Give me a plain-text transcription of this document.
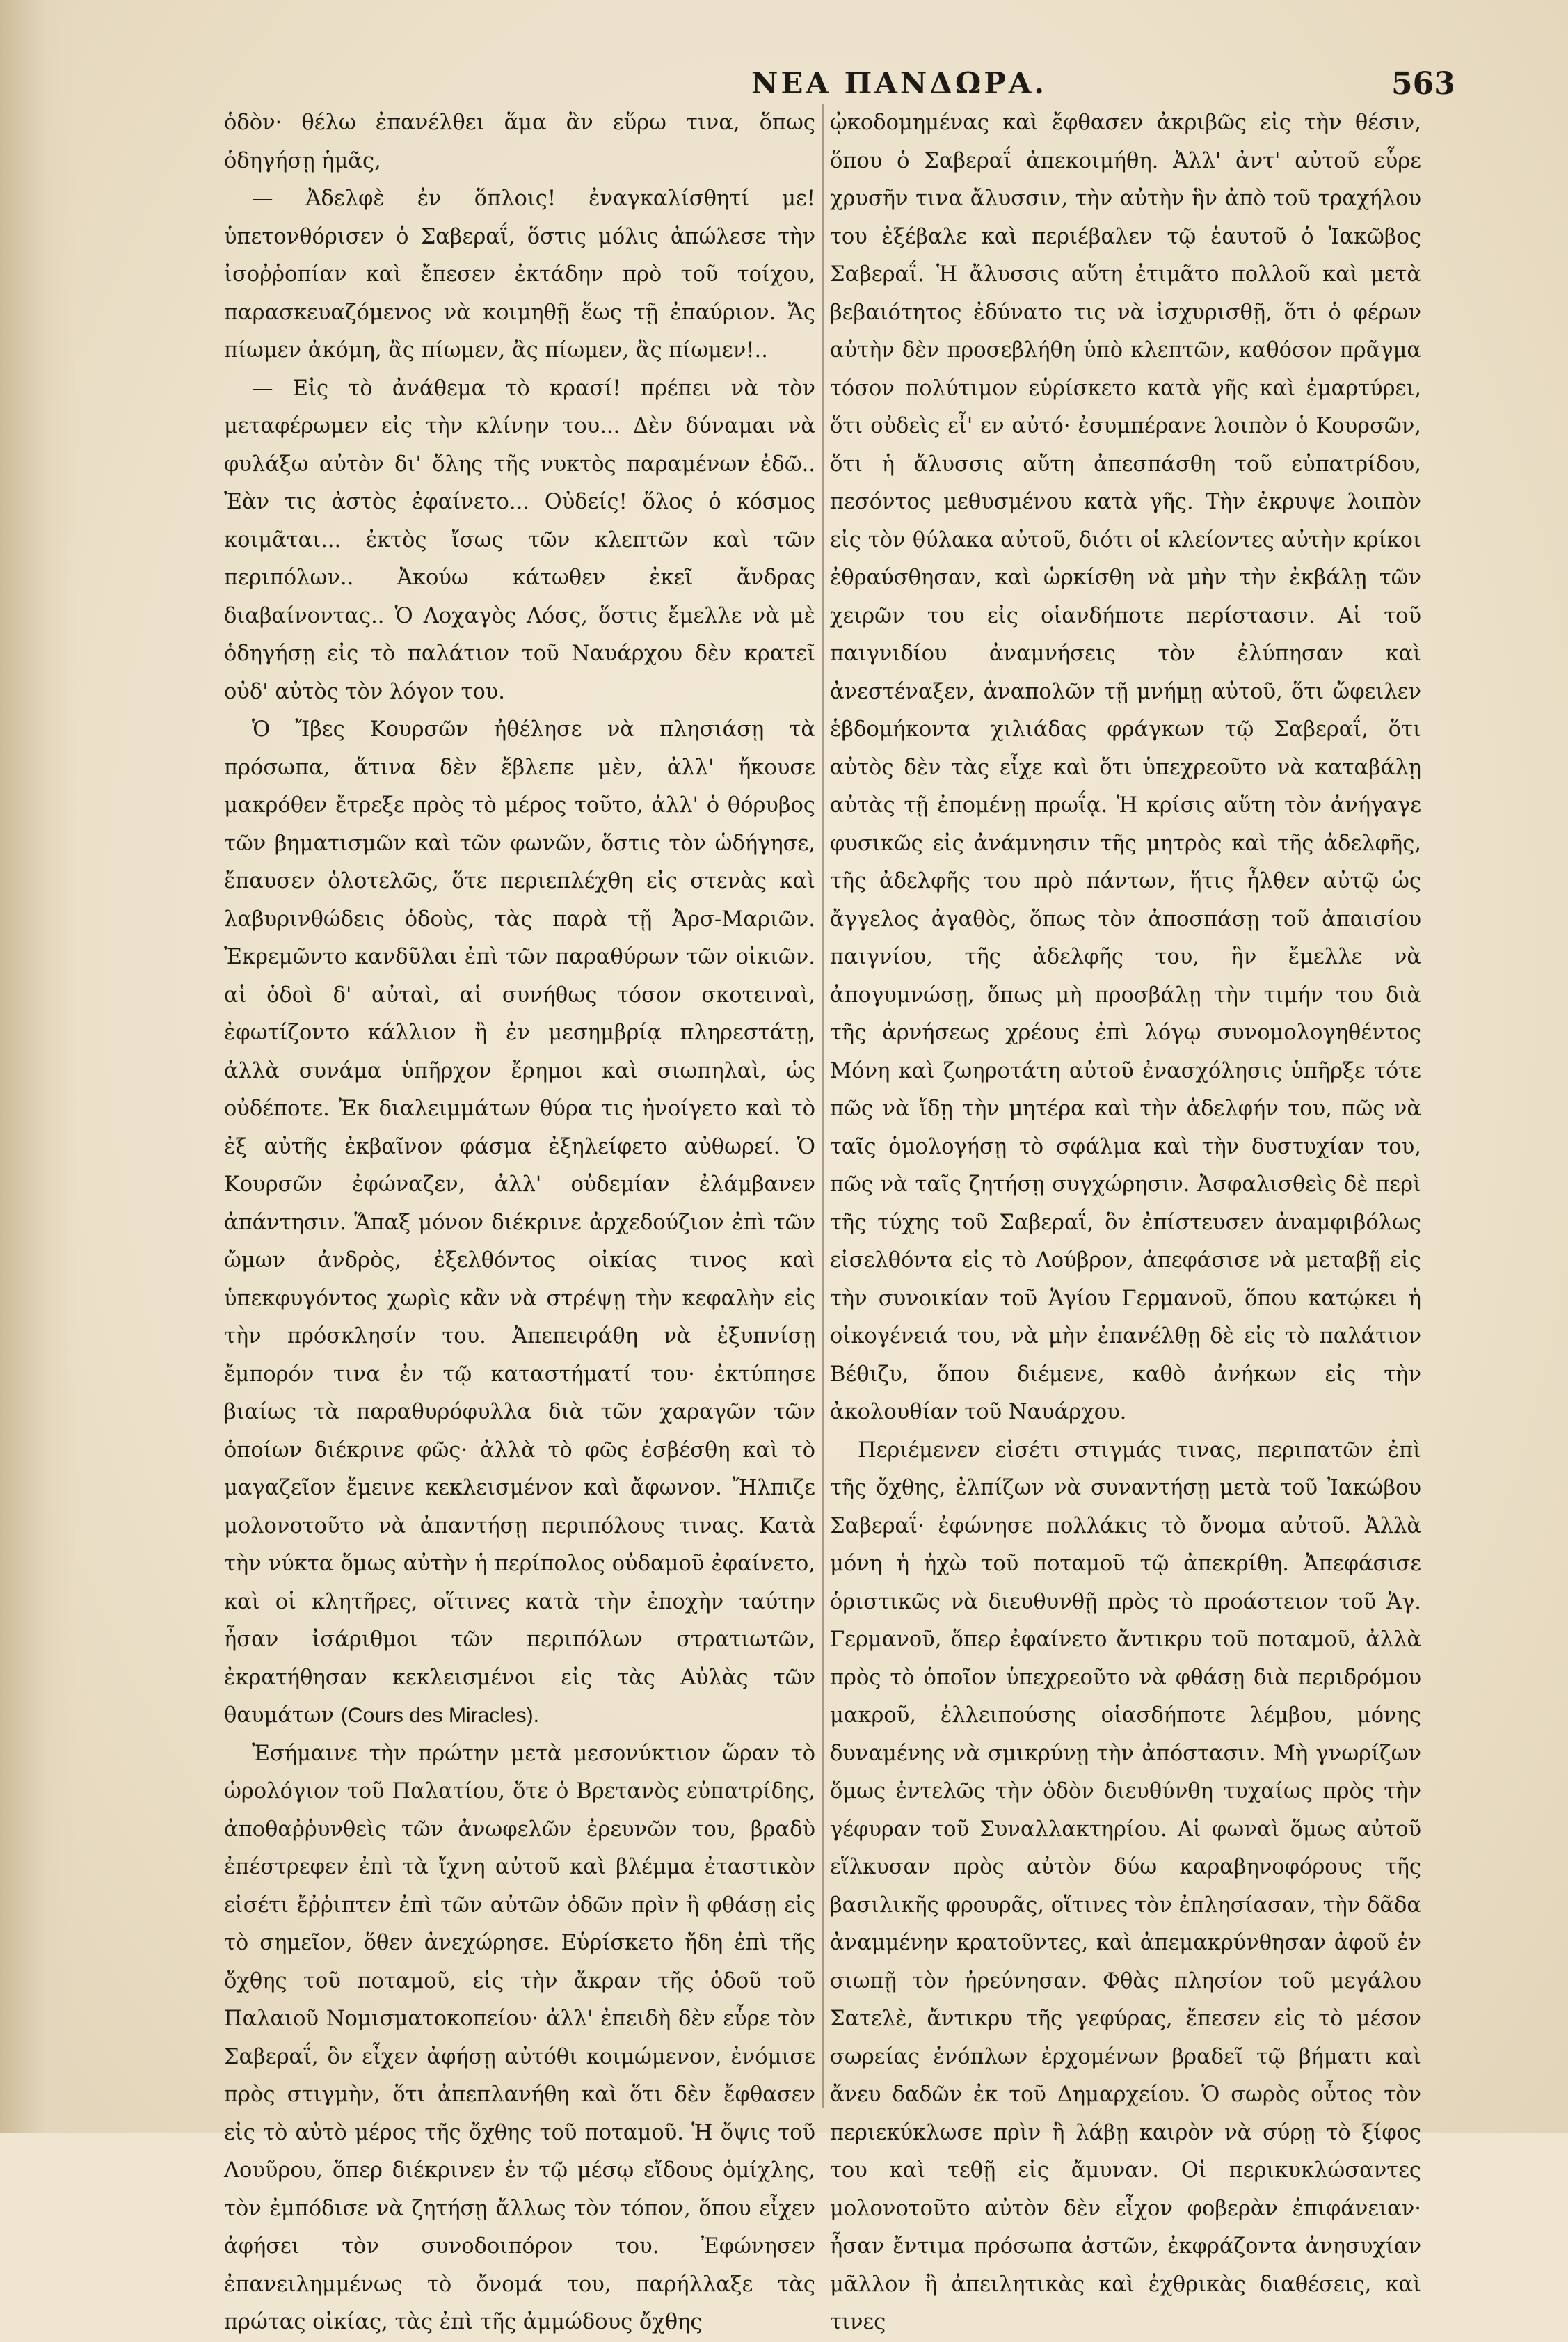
ΝΕΑ ΠΑΝΔΩΡΑ.	563

ὁδὸν· θέλω ἐπανέλθει ἅμα ἂν εὕρω τινα, ὅπως ὁδηγήσῃ ἡμᾶς,

— Ἀδελφὲ ἐν ὅπλοις! ἐναγκαλίσθητί με! ὑπετονθόρισεν ὁ Σαβεραΐ, ὅστις μόλις ἀπώλεσε τὴν ἰσοῤῥοπίαν καὶ ἔπεσεν ἐκτάδην πρὸ τοῦ τοίχου, παρασκευαζόμενος νὰ κοιμηθῇ ἕως τῇ ἐπαύριον. Ἄς πίωμεν ἀκόμη, ἂς πίωμεν, ἂς πίωμεν, ἂς πίωμεν!..

— Εἰς τὸ ἀνάθεμα τὸ κρασί! πρέπει νὰ τὸν μεταφέρωμεν εἰς τὴν κλίνην του... Δὲν δύναμαι νὰ φυλάξω αὐτὸν δι' ὅλης τῆς νυκτὸς παραμένων ἐδῶ.. Ἐὰν τις ἀστὸς ἐφαίνετο... Οὐδείς! ὅλος ὁ κόσμος κοιμᾶται... ἐκτὸς ἴσως τῶν κλεπτῶν καὶ τῶν περιπόλων.. Ἀκούω κάτωθεν ἐκεῖ ἄνδρας διαβαίνοντας.. Ὁ Λοχαγὸς Λόσς, ὅστις ἔμελλε νὰ μὲ ὁδηγήσῃ εἰς τὸ παλάτιον τοῦ Ναυάρχου δὲν κρατεῖ οὐδ' αὐτὸς τὸν λόγον του.

Ὁ Ἴβες Κουρσῶν ἠθέλησε νὰ πλησιάσῃ τὰ πρόσωπα, ἅτινα δὲν ἔβλεπε μὲν, ἀλλ' ἤκουσε μακρόθεν ἔτρεξε πρὸς τὸ μέρος τοῦτο, ἀλλ' ὁ θόρυβος τῶν βηματισμῶν καὶ τῶν φωνῶν, ὅστις τὸν ὡδήγησε, ἔπαυσεν ὁλοτελῶς, ὅτε περιεπλέχθη εἰς στενὰς καὶ λαβυρινθώδεις ὁδοὺς, τὰς παρὰ τῇ Ἀρσ-Μαριῶν. Ἐκρεμῶντο κανδῦλαι ἐπὶ τῶν παραθύρων τῶν οἰκιῶν. αἱ ὁδοὶ δ' αὐταὶ, αἱ συνήθως τόσον σκοτειναὶ, ἐφωτίζοντο κάλλιον ἢ ἐν μεσημβρίᾳ πληρεστάτῃ, ἀλλὰ συνάμα ὑπῆρχον ἔρημοι καὶ σιωπηλαὶ, ὡς οὐδέποτε. Ἐκ διαλειμμάτων θύρα τις ἠνοίγετο καὶ τὸ ἐξ αὐτῆς ἐκβαῖνον φάσμα ἐξηλείφετο αὐθωρεί. Ὁ Κουρσῶν ἐφώναζεν, ἀλλ' οὐδεμίαν ἐλάμβανεν ἀπάντησιν. Ἅπαξ μόνον διέκρινε ἀρχεδούζιον ἐπὶ τῶν ὤμων ἀνδρὸς, ἐξελθόντος οἰκίας τινος καὶ ὑπεκφυγόντος χωρὶς κἂν νὰ στρέψῃ τὴν κεφαλὴν εἰς τὴν πρόσκλησίν του. Ἀπεπειράθη νὰ ἐξυπνίσῃ ἔμπορόν τινα ἐν τῷ καταστήματί του· ἐκτύπησε βιαίως τὰ παραθυρόφυλλα διὰ τῶν χαραγῶν τῶν ὁποίων διέκρινε φῶς· ἀλλὰ τὸ φῶς ἐσβέσθη καὶ τὸ μαγαζεῖον ἔμεινε κεκλεισμένον καὶ ἄφωνον. Ἤλπιζε μολονοτοῦτο νὰ ἀπαντήσῃ περιπόλους τινας. Κατὰ τὴν νύκτα ὅμως αὐτὴν ἡ περίπολος οὐδαμοῦ ἐφαίνετο, καὶ οἱ κλητῆρες, οἵτινες κατὰ τὴν ἐποχὴν ταύτην ἦσαν ἰσάριθμοι τῶν περιπόλων στρατιωτῶν, ἐκρατήθησαν κεκλεισμένοι εἰς τὰς Αὐλὰς τῶν θαυμάτων (Cours des Miracles).

Ἐσήμαινε τὴν πρώτην μετὰ μεσονύκτιον ὥραν τὸ ὡρολόγιον τοῦ Παλατίου, ὅτε ὁ Βρετανὸς εὐπατρίδης, ἀποθαῤῥυνθεὶς τῶν ἀνωφελῶν ἐρευνῶν του, βραδὺ ἐπέστρεφεν ἐπὶ τὰ ἴχνη αὐτοῦ καὶ βλέμμα ἐταστικὸν εἰσέτι ἔῤῥιπτεν ἐπὶ τῶν αὐτῶν ὁδῶν πρὶν ἢ φθάσῃ εἰς τὸ σημεῖον, ὅθεν ἀνεχώρησε. Εὑρίσκετο ἤδη ἐπὶ τῆς ὄχθης τοῦ ποταμοῦ, εἰς τὴν ἄκραν τῆς ὁδοῦ τοῦ Παλαιοῦ Νομισματοκοπείου· ἀλλ' ἐπειδὴ δὲν εὗρε τὸν Σαβεραΐ, ὃν εἶχεν ἀφήσῃ αὐτόθι κοιμώμενον, ἐνόμισε πρὸς στιγμὴν, ὅτι ἀπεπλανήθη καὶ ὅτι δὲν ἔφθασεν εἰς τὸ αὐτὸ μέρος τῆς ὄχθης τοῦ ποταμοῦ. Ἡ ὄψις τοῦ Λουῦρου, ὅπερ διέκρινεν ἐν τῷ μέσῳ εἴδους ὁμίχλης, τὸν ἐμπόδισε νὰ ζητήσῃ ἄλλως τὸν τόπον, ὅπου εἶχεν ἀφήσει τὸν συνοδοιπόρον του. Ἐφώνησεν ἐπανειλημμένως τὸ ὄνομά του, παρήλλαξε τὰς πρώτας οἰκίας, τὰς ἐπὶ τῆς ἀμμώδους ὄχθης

ᾠκοδομημένας καὶ ἔφθασεν ἀκριβῶς εἰς τὴν θέσιν, ὅπου ὁ Σαβεραΐ ἀπεκοιμήθη. Ἀλλ' ἀντ' αὐτοῦ εὗρε χρυσῆν τινα ἄλυσσιν, τὴν αὐτὴν ἣν ἀπὸ τοῦ τραχήλου του ἐξέβαλε καὶ περιέβαλεν τῷ ἑαυτοῦ ὁ Ἰακῶβος Σαβεραΐ. Ἡ ἄλυσσις αὕτη ἐτιμᾶτο πολλοῦ καὶ μετὰ βεβαιότητος ἐδύνατο τις νὰ ἰσχυρισθῇ, ὅτι ὁ φέρων αὐτὴν δὲν προσεβλήθη ὑπὸ κλεπτῶν, καθόσον πρᾶγμα τόσον πολύτιμον εὑρίσκετο κατὰ γῆς καὶ ἐμαρτύρει, ὅτι οὐδεὶς εἶ' εν αὐτό· ἐσυμπέρανε λοιπὸν ὁ Κουρσῶν, ὅτι ἡ ἄλυσσις αὕτη ἀπεσπάσθη τοῦ εὐπατρίδου, πεσόντος μεθυσμένου κατὰ γῆς. Τὴν ἐκρυψε λοιπὸν εἰς τὸν θύλακα αὐτοῦ, διότι οἱ κλείοντες αὐτὴν κρίκοι ἐθραύσθησαν, καὶ ὡρκίσθη νὰ μὴν τὴν ἐκβάλῃ τῶν χειρῶν του εἰς οἱανδήποτε περίστασιν. Αἱ τοῦ παιγνιδίου ἀναμνήσεις τὸν ἐλύπησαν καὶ ἀνεστέναξεν, ἀναπολῶν τῇ μνήμῃ αὐτοῦ, ὅτι ὤφειλεν ἑβδομήκοντα χιλιάδας φράγκων τῷ Σαβεραΐ, ὅτι αὐτὸς δὲν τὰς εἶχε καὶ ὅτι ὑπεχρεοῦτο νὰ καταβάλῃ αὐτὰς τῇ ἐπομένῃ πρωΐᾳ. Ἡ κρίσις αὕτη τὸν ἀνήγαγε φυσικῶς εἰς ἀνάμνησιν τῆς μητρὸς καὶ τῆς ἀδελφῆς, τῆς ἀδελφῆς του πρὸ πάντων, ἥτις ἦλθεν αὐτῷ ὡς ἄγγελος ἀγαθὸς, ὅπως τὸν ἀποσπάσῃ τοῦ ἀπαισίου παιγνίου, τῆς ἀδελφῆς του, ἣν ἔμελλε νὰ ἀπογυμνώσῃ, ὅπως μὴ προσβάλῃ τὴν τιμήν του διὰ τῆς ἀρνήσεως χρέους ἐπὶ λόγῳ συνομολογηθέντος Μόνη καὶ ζωηροτάτη αὐτοῦ ἐνασχόλησις ὑπῆρξε τότε πῶς νὰ ἴδῃ τὴν μητέρα καὶ τὴν ἀδελφήν του, πῶς νὰ ταῖς ὁμολογήσῃ τὸ σφάλμα καὶ τὴν δυστυχίαν του, πῶς νὰ ταῖς ζητήσῃ συγχώρησιν. Ἀσφαλισθεὶς δὲ περὶ τῆς τύχης τοῦ Σαβεραΐ, ὃν ἐπίστευσεν ἀναμφιβόλως εἰσελθόντα εἰς τὸ Λούβρον, ἀπεφάσισε νὰ μεταβῇ εἰς τὴν συνοικίαν τοῦ Ἁγίου Γερμανοῦ, ὅπου κατῴκει ἡ οἰκογένειά του, νὰ μὴν ἐπανέλθῃ δὲ εἰς τὸ παλάτιον Βέθιζυ, ὅπου διέμενε, καθὸ ἀνήκων εἰς τὴν ἀκολουθίαν τοῦ Ναυάρχου.

Περιέμενεν εἰσέτι στιγμάς τινας, περιπατῶν ἐπὶ τῆς ὄχθης, ἐλπίζων νὰ συναντήσῃ μετὰ τοῦ Ἰακώβου Σαβεραΐ· ἐφώνησε πολλάκις τὸ ὄνομα αὐτοῦ. Ἀλλὰ μόνη ἡ ἠχὼ τοῦ ποταμοῦ τῷ ἀπεκρίθη. Ἀπεφάσισε ὁριστικῶς νὰ διευθυνθῇ πρὸς τὸ προάστειον τοῦ Ἁγ. Γερμανοῦ, ὅπερ ἐφαίνετο ἄντικρυ τοῦ ποταμοῦ, ἀλλὰ πρὸς τὸ ὁποῖον ὑπεχρεοῦτο νὰ φθάσῃ διὰ περιδρόμου μακροῦ, ἐλλειπούσης οἱασδήποτε λέμβου, μόνης δυναμένης νὰ σμικρύνῃ τὴν ἀπόστασιν. Μὴ γνωρίζων ὅμως ἐντελῶς τὴν ὁδὸν διευθύνθη τυχαίως πρὸς τὴν γέφυραν τοῦ Συναλλακτηρίου. Αἱ φωναὶ ὅμως αὐτοῦ εἵλκυσαν πρὸς αὐτὸν δύω καραβηνοφόρους τῆς βασιλικῆς φρουρᾶς, οἵτινες τὸν ἐπλησίασαν, τὴν δᾶδα ἀναμμένην κρατοῦντες, καὶ ἀπεμακρύνθησαν ἀφοῦ ἐν σιωπῇ τὸν ἠρεύνησαν. Φθὰς πλησίον τοῦ μεγάλου Σατελὲ, ἄντικρυ τῆς γεφύρας, ἔπεσεν εἰς τὸ μέσον σωρείας ἐνόπλων ἐρχομένων βραδεῖ τῷ βήματι καὶ ἄνευ δαδῶν ἐκ τοῦ Δημαρχείου. Ὁ σωρὸς οὗτος τὸν περιεκύκλωσε πρὶν ἢ λάβῃ καιρὸν νὰ σύρῃ τὸ ξίφος του καὶ τεθῇ εἰς ἄμυναν. Οἱ περικυκλώσαντες μολονοτοῦτο αὐτὸν δὲν εἶχον φοβερὰν ἐπιφάνειαν· ἦσαν ἔντιμα πρόσωπα ἀστῶν, ἐκφράζοντα ἀνησυχίαν μᾶλλον ἢ ἀπειλητικὰς καὶ ἐχθρικὰς διαθέσεις, καὶ τινες
